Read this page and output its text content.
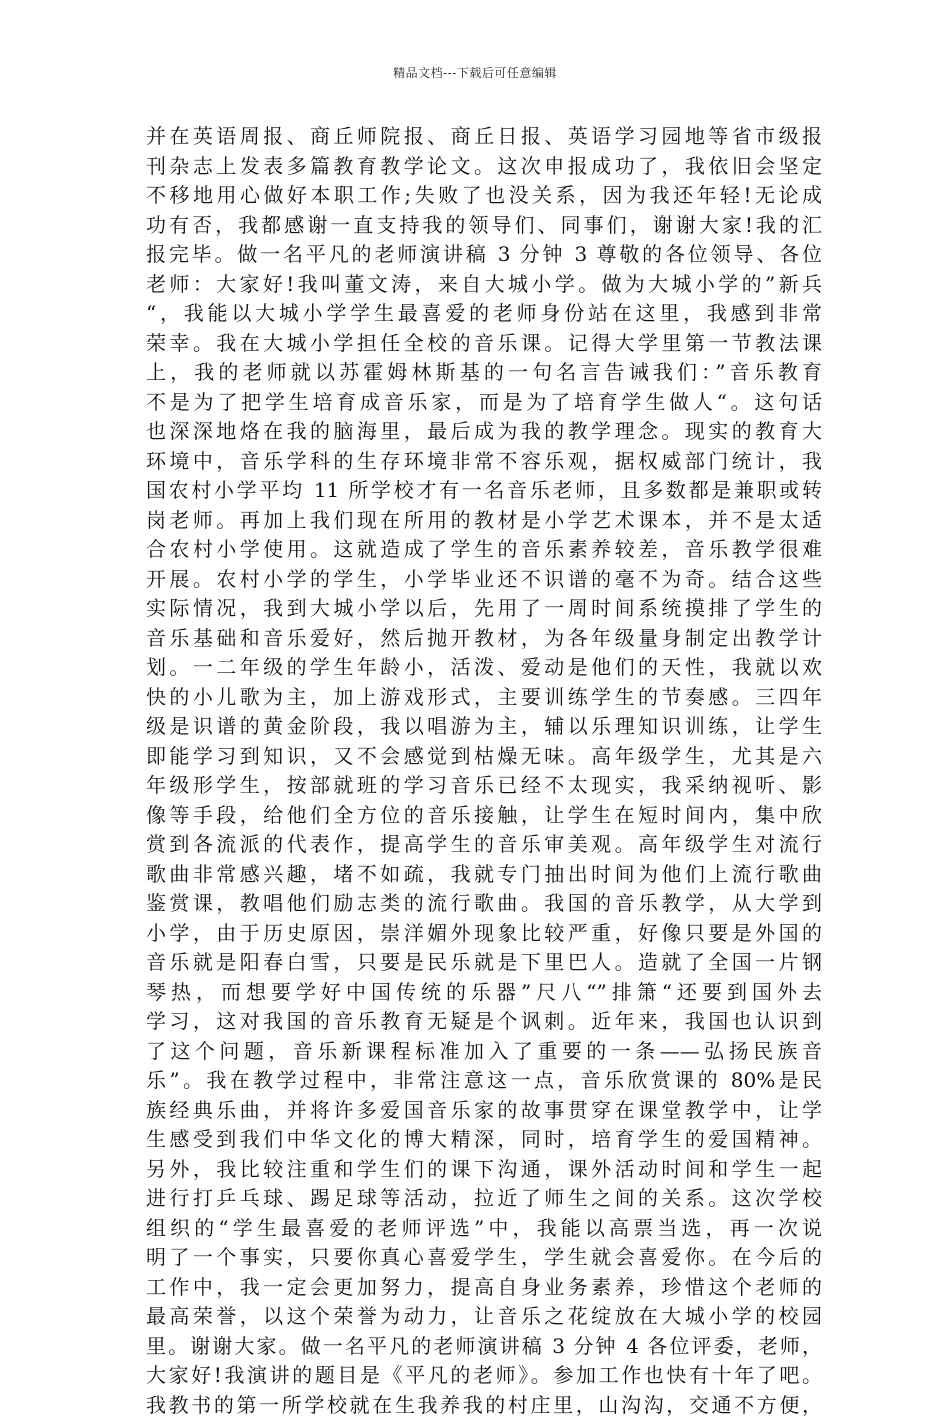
精品文档---下载后可任意编辑
并在英语周报、商丘师院报、商丘日报、英语学习园地等省市级报
刊杂志上发表多篇教育教学论文。这次申报成功了，我依旧会坚定
不移地用心做好本职工作;失败了也没关系，因为我还年轻!无论成
功有否，我都感谢一直支持我的领导们、同事们，谢谢大家!我的汇
报完毕。做一名平凡的老师演讲稿 3 分钟 3 尊敬的各位领导、各位
老师：大家好!我叫董文涛，来自大城小学。做为大城小学的”新兵
“，我能以大城小学学生最喜爱的老师身份站在这里，我感到非常
荣幸。我在大城小学担任全校的音乐课。记得大学里第一节教法课
上，我的老师就以苏霍姆林斯基的一句名言告诫我们：”音乐教育
不是为了把学生培育成音乐家，而是为了培育学生做人“。这句话
也深深地烙在我的脑海里，最后成为我的教学理念。现实的教育大
环境中，音乐学科的生存环境非常不容乐观，据权威部门统计，我
国农村小学平均 11 所学校才有一名音乐老师，且多数都是兼职或转
岗老师。再加上我们现在所用的教材是小学艺术课本，并不是太适
合农村小学使用。这就造成了学生的音乐素养较差，音乐教学很难
开展。农村小学的学生，小学毕业还不识谱的毫不为奇。结合这些
实际情况，我到大城小学以后，先用了一周时间系统摸排了学生的
音乐基础和音乐爱好，然后抛开教材，为各年级量身制定出教学计
划。一二年级的学生年龄小，活泼、爱动是他们的天性，我就以欢
快的小儿歌为主，加上游戏形式，主要训练学生的节奏感。三四年
级是识谱的黄金阶段，我以唱游为主，辅以乐理知识训练，让学生
即能学习到知识，又不会感觉到枯燥无味。高年级学生，尤其是六
年级形学生，按部就班的学习音乐已经不太现实，我采纳视听、影
像等手段，给他们全方位的音乐接触，让学生在短时间内，集中欣
赏到各流派的代表作，提高学生的音乐审美观。高年级学生对流行
歌曲非常感兴趣，堵不如疏，我就专门抽出时间为他们上流行歌曲
鉴赏课，教唱他们励志类的流行歌曲。我国的音乐教学，从大学到
小学，由于历史原因，崇洋媚外现象比较严重，好像只要是外国的
音乐就是阳春白雪，只要是民乐就是下里巴人。造就了全国一片钢
琴热，而想要学好中国传统的乐器”尺八“”排箫“还要到国外去
学习，这对我国的音乐教育无疑是个讽刺。近年来，我国也认识到
了这个问题，音乐新课程标准加入了重要的一条——弘扬民族音
乐”。我在教学过程中，非常注意这一点，音乐欣赏课的 80%是民
族经典乐曲，并将许多爱国音乐家的故事贯穿在课堂教学中，让学
生感受到我们中华文化的博大精深，同时，培育学生的爱国精神。
另外，我比较注重和学生们的课下沟通，课外活动时间和学生一起
进行打乒乓球、踢足球等活动，拉近了师生之间的关系。这次学校
组织的“学生最喜爱的老师评选”中，我能以高票当选，再一次说
明了一个事实，只要你真心喜爱学生，学生就会喜爱你。在今后的
工作中，我一定会更加努力，提高自身业务素养，珍惜这个老师的
最高荣誉，以这个荣誉为动力，让音乐之花绽放在大城小学的校园
里。谢谢大家。做一名平凡的老师演讲稿 3 分钟 4 各位评委，老师，
大家好!我演讲的题目是《平凡的老师》。参加工作也快有十年了吧。
我教书的第一所学校就在生我养我的村庄里，山沟沟，交通不方便，
